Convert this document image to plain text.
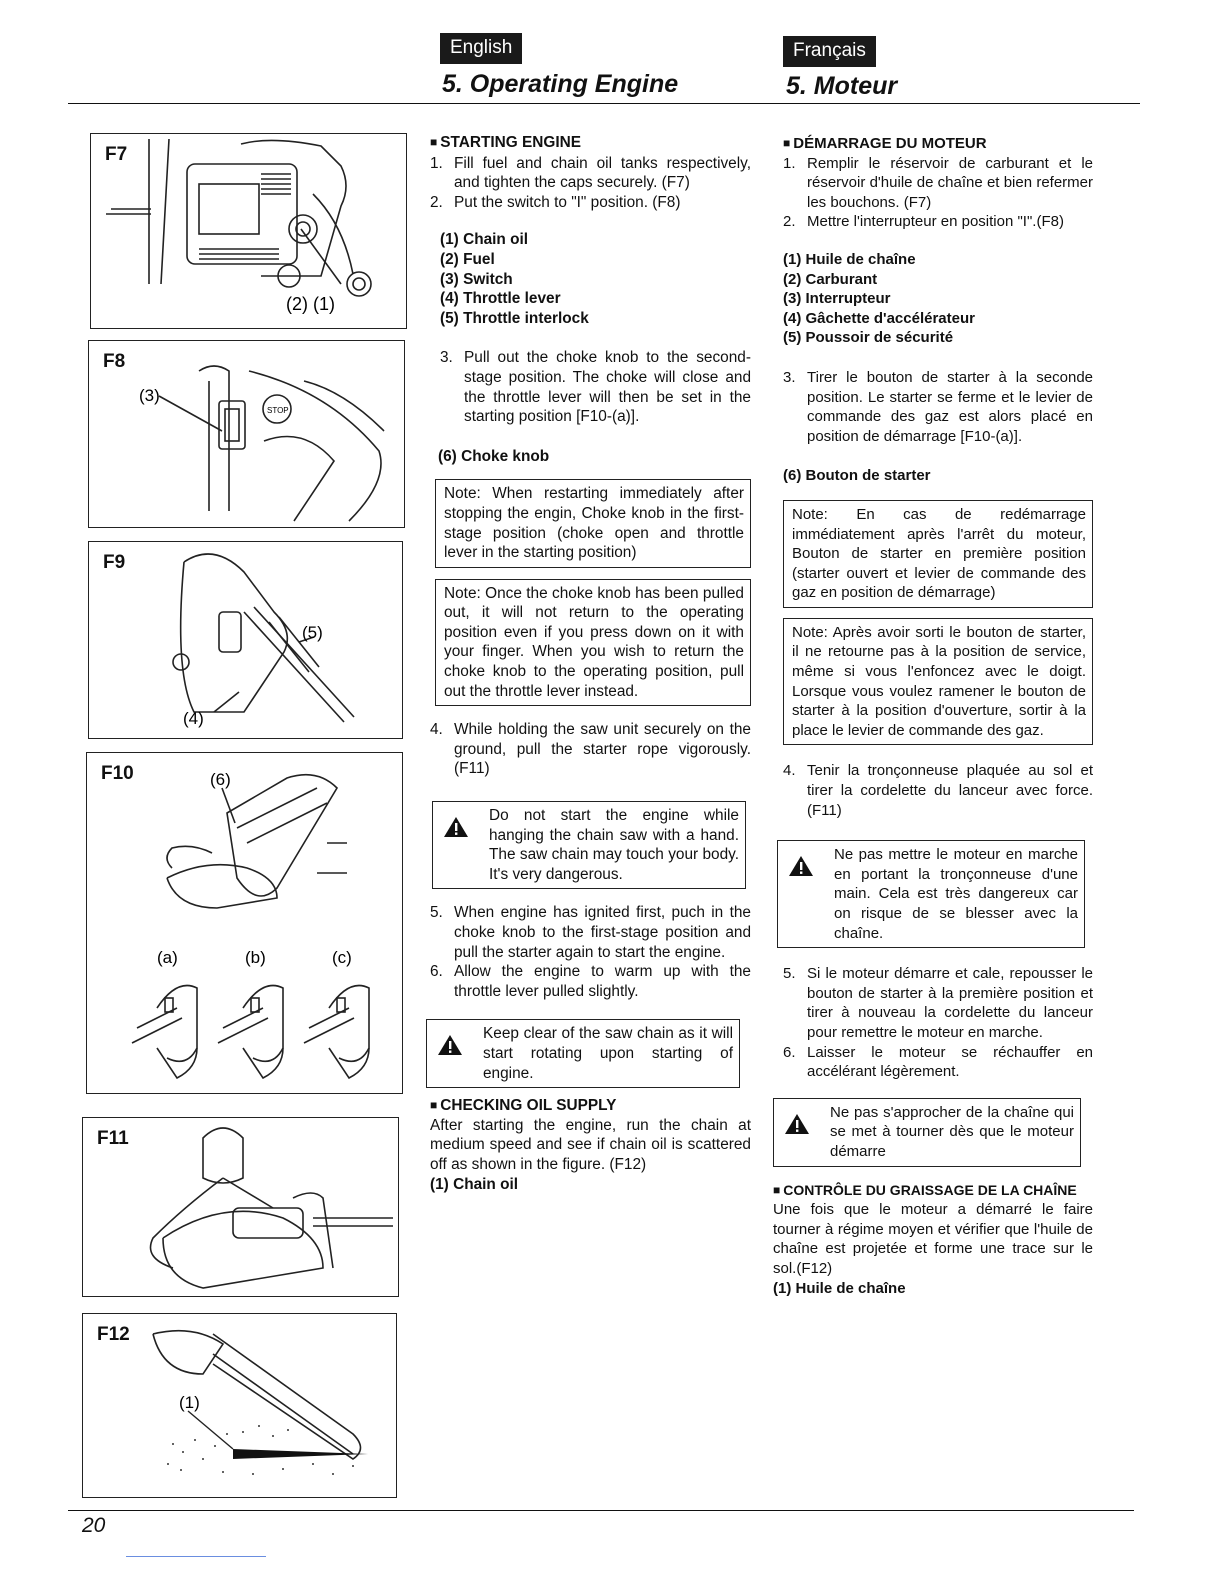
English	Français
5. Operating Engine	5. Moteur
F7
(2) (1)
F8
STOP
(3)
F9
(5)
(4)
F10	(6)
(a)	(b)	(c)
F11
F12
(1)

■ STARTING ENGINE

1. Fill fuel and chain oil tanks respectively, and tighten the caps securely. (F7)
2. Put the switch to "I" position. (F8)
(1) Chain oil
(2) Fuel
(3) Switch
(4) Throttle lever
(5) Throttle interlock
3. Pull out the choke knob to the second-stage position. The choke will close and the throttle lever will then be set in the starting position [F10-(a)].

(6) Choke knob

Note: When restarting immediately after stopping the engin, Choke knob in the first-stage position (choke open and throttle lever in the starting position)
Note: Once the choke knob has been pulled out, it will not return to the operating position even if you press down on it with your finger. When you wish to return the choke knob to the operating position, pull out the throttle lever instead.
4. While holding the saw unit securely on the ground, pull the starter rope vigorously. (F11)
Do not start the engine while hanging the chain saw with a hand. The saw chain may touch your body. It's very dangerous.
5. When engine has ignited first, puch in the choke knob to the first-stage position and pull the starter again to start the engine.
6. Allow the engine to warm up with the throttle lever pulled slightly.
Keep clear of the saw chain as it will start rotating upon starting of engine.

■ CHECKING OIL SUPPLY

After starting the engine, run the chain at medium speed and see if chain oil is scattered off as shown in the figure. (F12)

(1) Chain oil

■ DÉMARRAGE DU MOTEUR

1. Remplir le réservoir de carburant et le réservoir d'huile de chaîne et bien refermer les bouchons. (F7)
2. Mettre l'interrupteur en position "I".(F8)
(1) Huile de chaîne
(2) Carburant
(3) Interrupteur
(4) Gâchette d'accélérateur
(5) Poussoir de sécurité
3. Tirer le bouton de starter à la seconde position. Le starter se ferme et le levier de commande des gaz est alors placé en position de démarrage [F10-(a)].

(6) Bouton de starter

Note: En cas de redémarrage immédiatement après l'arrêt du moteur, Bouton de starter en première position (starter ouvert et levier de commande des gaz en position de démarrage)
Note: Après avoir sorti le bouton de starter, il ne retourne pas à la position de service, même si vous l'enfoncez avec le doigt. Lorsque vous voulez ramener le bouton de starter à la position d'ouverture, sortir à la place le levier de commande des gaz.
4. Tenir la tronçonneuse plaquée au sol et tirer la cordelette du lanceur avec force. (F11)
Ne pas mettre le moteur en marche en portant la tronçonneuse d'une main. Cela est très dangereux car on risque de se blesser avec la chaîne.
5. Si le moteur démarre et cale, repousser le bouton de starter à la première position et tirer à nouveau la cordelette du lanceur pour remettre le moteur en marche.
6. Laisser le moteur se réchauffer en accélérant légèrement.
Ne pas s'approcher de la chaîne qui se met à tourner dès que le moteur démarre

■ CONTRÔLE DU GRAISSAGE DE LA CHAÎNE

Une fois que le moteur a démarré le faire tourner à régime moyen et vérifier que l'huile de chaîne est projetée et forme une trace sur le sol.(F12)

(1) Huile de chaîne

20
